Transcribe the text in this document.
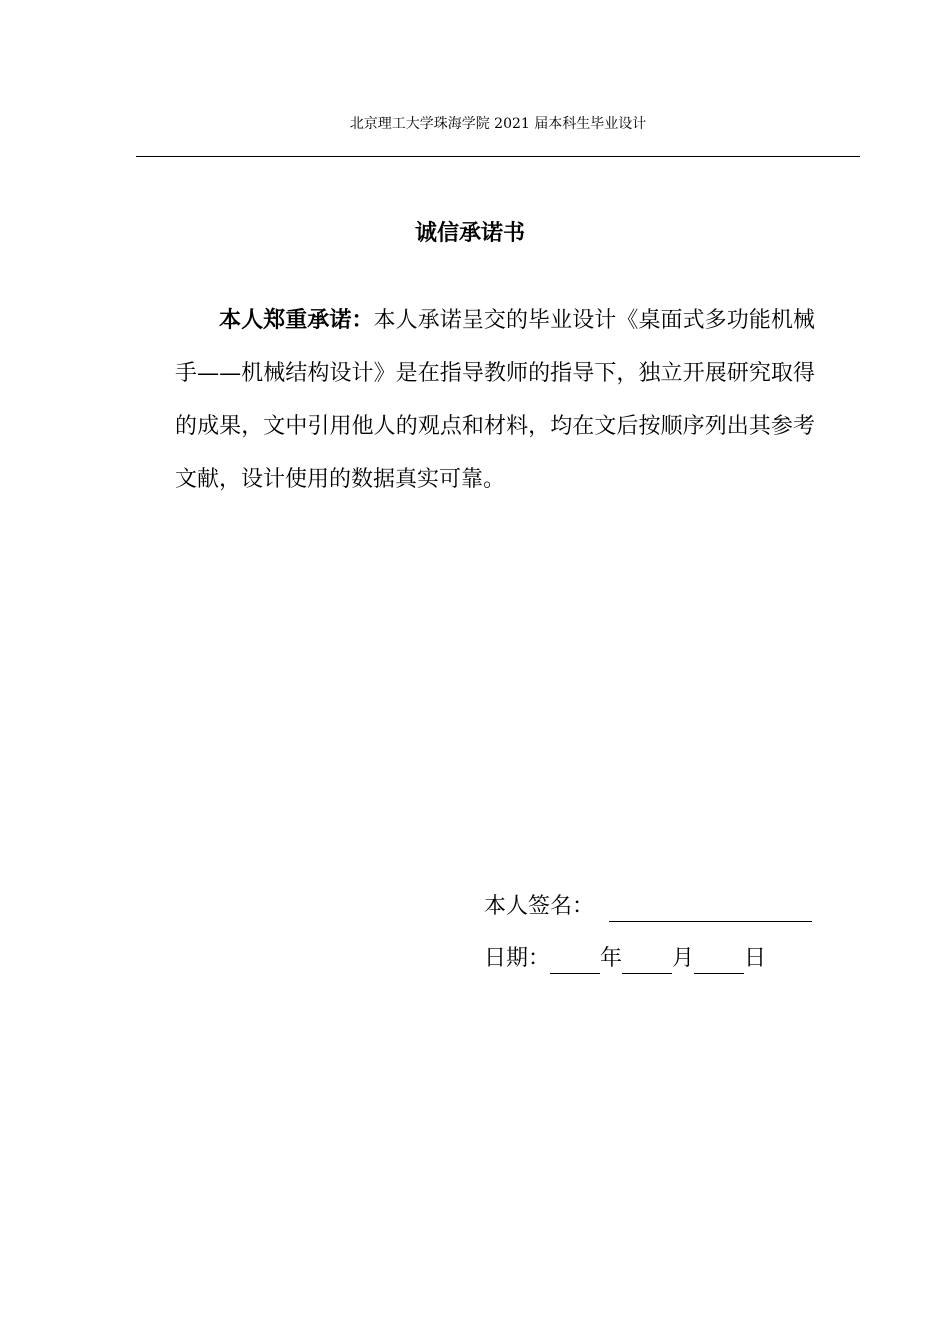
北京理工大学珠海学院 2021 届本科生毕业设计
诚信承诺书
本人郑重承诺：本人承诺呈交的毕业设计《桌面式多功能机械手——机械结构设计》是在指导教师的指导下，独立开展研究取得的成果，文中引用他人的观点和材料，均在文后按顺序列出其参考文献，设计使用的数据真实可靠。
本人签名：
日期： 年 月 日
